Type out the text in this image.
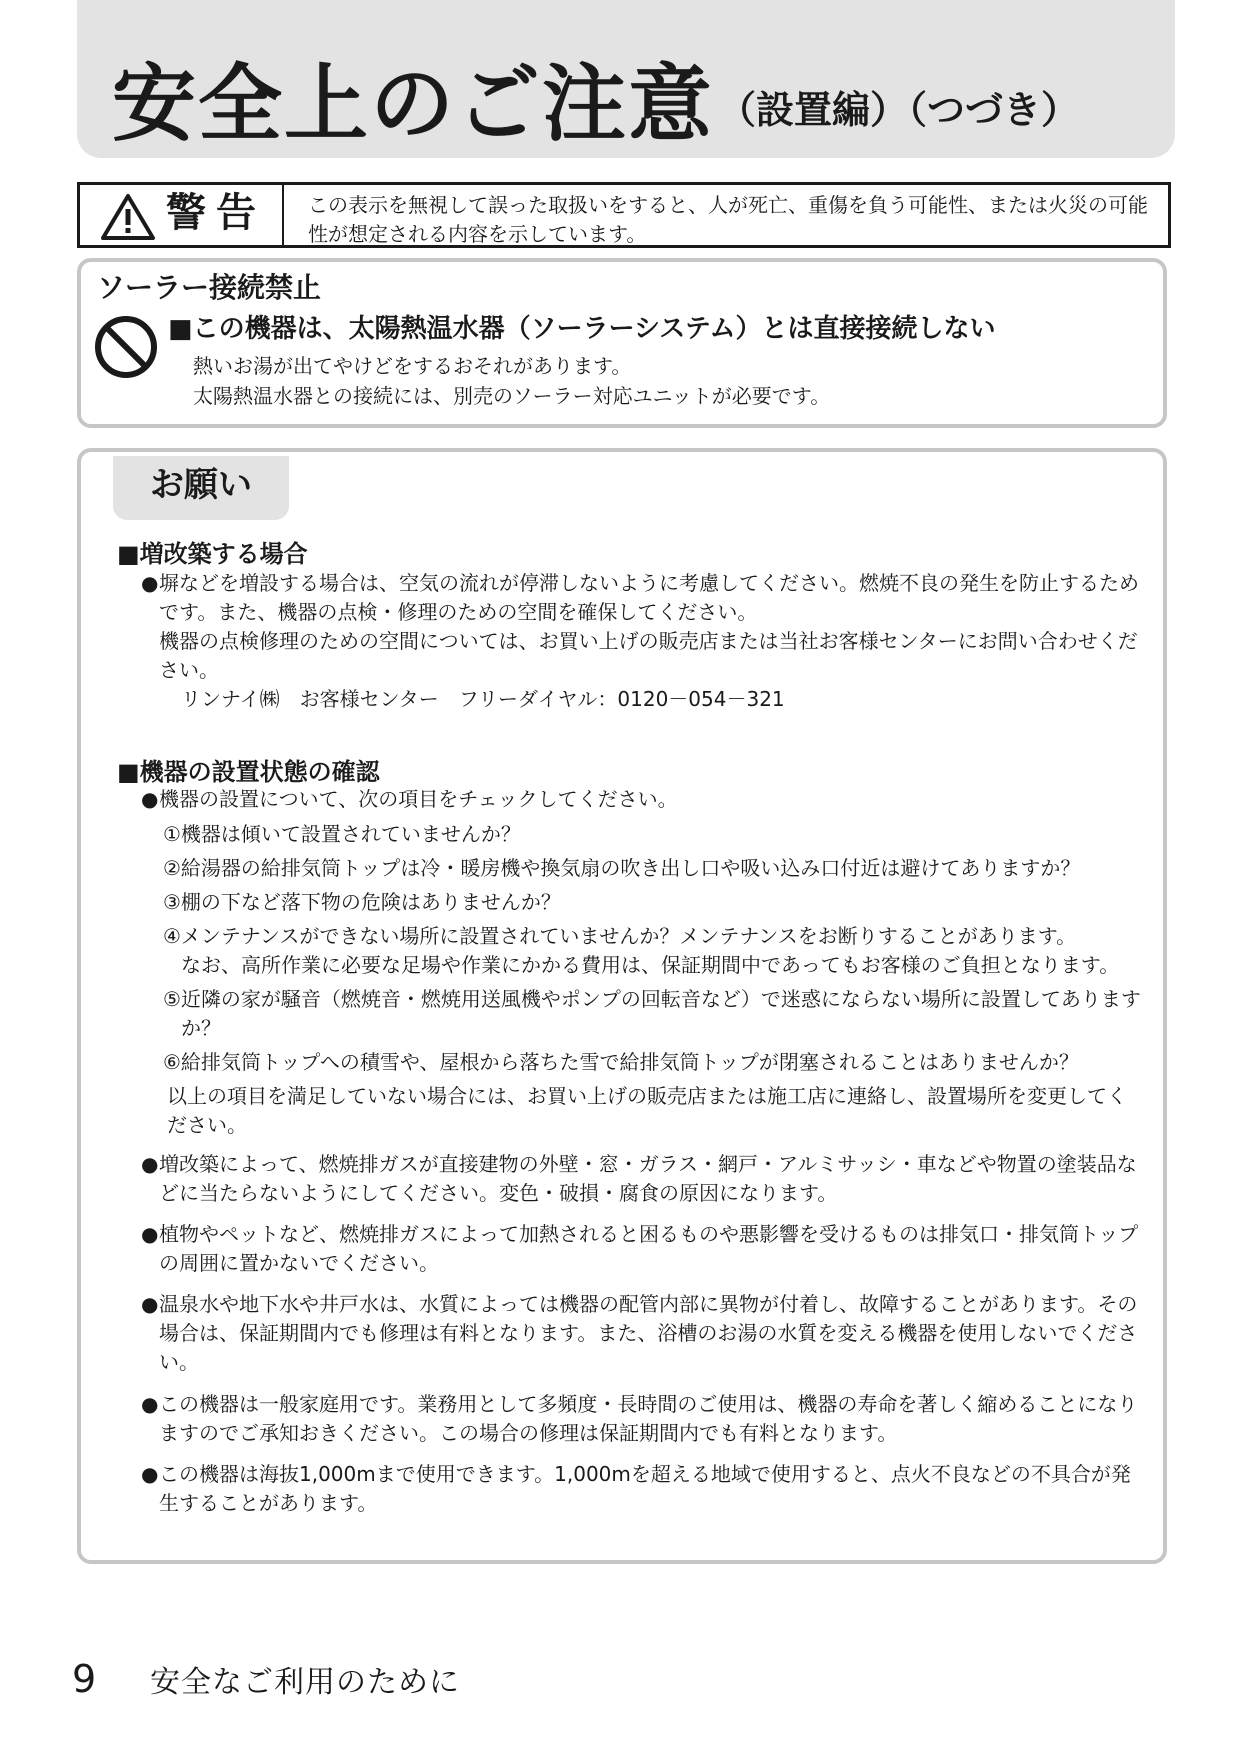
安全上のご注意 （設置編）（つづき）
警告 この表示を無視して誤った取扱いをすると、人が死亡、重傷を負う可能性、または火災の可能性が想定される内容を示しています。
ソーラー接続禁止
■この機器は、太陽熱温水器（ソーラーシステム）とは直接接続しない
熱いお湯が出てやけどをするおそれがあります。
太陽熱温水器との接続には、別売のソーラー対応ユニットが必要です。
お願い
■増改築する場合
● 塀などを増設する場合は、空気の流れが停滞しないように考慮してください。燃焼不良の発生を防止するためです。また、機器の点検・修理のための空間を確保してください。
機器の点検修理のための空間については、お買い上げの販売店または当社お客様センターにお問い合わせください。
リンナイ㈱　お客様センター　フリーダイヤル：0120－054－321
■機器の設置状態の確認
● 機器の設置について、次の項目をチェックしてください。
①機器は傾いて設置されていませんか？
②給湯器の給排気筒トップは冷・暖房機や換気扇の吹き出し口や吸い込み口付近は避けてありますか？
③棚の下など落下物の危険はありませんか？
④メンテナンスができない場所に設置されていませんか？メンテナンスをお断りすることがあります。
なお、高所作業に必要な足場や作業にかかる費用は、保証期間中であってもお客様のご負担となります。
⑤近隣の家が騒音（燃焼音・燃焼用送風機やポンプの回転音など）で迷惑にならない場所に設置してありますか？
⑥給排気筒トップへの積雪や、屋根から落ちた雪で給排気筒トップが閉塞されることはありませんか？
以上の項目を満足していない場合には、お買い上げの販売店または施工店に連絡し、設置場所を変更してください。
● 増改築によって、燃焼排ガスが直接建物の外壁・窓・ガラス・網戸・アルミサッシ・車などや物置の塗装品などに当たらないようにしてください。変色・破損・腐食の原因になります。
● 植物やペットなど、燃焼排ガスによって加熱されると困るものや悪影響を受けるものは排気口・排気筒トップの周囲に置かないでください。
● 温泉水や地下水や井戸水は、水質によっては機器の配管内部に異物が付着し、故障することがあります。その場合は、保証期間内でも修理は有料となります。また、浴槽のお湯の水質を変える機器を使用しないでください。
● この機器は一般家庭用です。業務用として多頻度・長時間のご使用は、機器の寿命を著しく縮めることになりますのでご承知おきください。この場合の修理は保証期間内でも有料となります。
● この機器は海抜1,000mまで使用できます。1,000mを超える地域で使用すると、点火不良などの不具合が発生することがあります。
9 安全なご利用のために
